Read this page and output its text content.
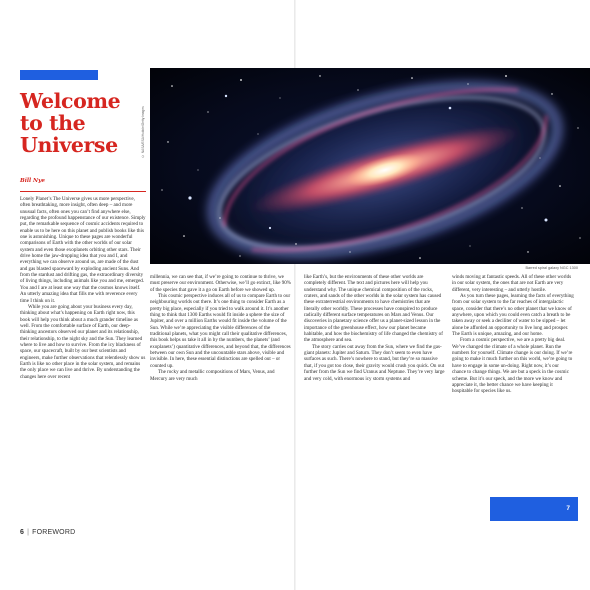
Welcome to the Universe

Bill Nye

Lonely Planet’s The Universe gives us more perspective, often breathtaking, more insight, often deep – and more unusual facts, often ones you can’t find anywhere else, regarding the profound happenstance of our existence. Simply put, the remarkable sequence of cosmic accidents required to enable us to be here on this planet and publish books like this one is astonishing. Unique to these pages are wonderful comparisons of Earth with the other worlds of our solar system and even those exoplanets orbiting other stars. Their drive home the jaw-dropping idea that you and I, and everything we can observe around us, are made of the dust and gas blasted spaceward by exploding ancient Suns. And from the stardust and drifting gas, the extraordinary diversity of living things, including animals like you and me, emerged. You and I are at least one way that the cosmos knows itself. An utterly amazing idea that fills me with reverence every time I think on it.

While you are going about your business every day, thinking about what’s happening on Earth right now, this book will help you think about a much grander timeline as well. From the comfortable surface of Earth, our deep-thinking ancestors observed our planet and its relationship, their relationship, to the night sky and the Sun. They learned where to live and how to survive. From the icy blackness of space, our spacecraft, built by our best scientists and engineers, make further observations that relentlessly show us Earth is like no other place in the solar system, and remains the only place we can live and thrive. By understanding the changes here over recent

millennia, we can see that, if we’re going to continue to thrive, we must preserve our environment. Otherwise, we’ll go extinct, like 90% of the species that gave it a go on Earth before we showed up.

This cosmic perspective induces all of us to compare Earth to our neighbouring worlds out there. It’s one thing to consider Earth as a pretty big place, especially if you tried to walk around it. It’s another thing to think that 1300 Earths would fit inside a sphere the size of Jupiter, and over a million Earths would fit inside the volume of the Sun. While we’re appreciating the visible differences of the traditional planets, what you might call their qualitative differences, this book helps us take it all in by the numbers, the planets’ (and exoplanets’) quantitative differences, and beyond that, the differences between our own Sun and the uncountable stars above, visible and invisible. In here, these essential distinctions are spelled out – or counted up.

The rocky and metallic compositions of Mars, Venus, and Mercury are very much

6 | FOREWORD
© NASA/ESA/Hubble/Getty Images
Barred spiral galaxy NGC 1300

like Earth’s, but the environments of these other worlds are completely different. The text and pictures here will help you understand why. The unique chemical composition of the rocks, craters, and sands of the other worlds in the solar system has caused these extraterrestrial environments to have chemistries that are literally other worldly. These processes have conspired to produce radically different surface temperatures on Mars and Venus. Our discoveries in planetary science offer us a planet-sized lesson in the importance of the greenhouse effect, how our planet became habitable, and how the biochemistry of life changed the chemistry of the atmosphere and sea.

The story carries out away from the Sun, where we find the gas-giant planets: Jupiter and Saturn. They don’t seem to even have surfaces as such. There’s nowhere to stand, but they’re so massive that, if you got too close, their gravity would crush you quick. On out further from the Sun we find Uranus and Neptune. They’re very large and very cold, with enormous icy storm systems and

winds moving at fantastic speeds. All of these other worlds in our solar system, the ones that are not Earth are very different, very interesting – and utterly hostile.

As you turn these pages, learning the facts of everything from our solar system to the far reaches of intergalactic space, consider that there’s no other planet that we know of anywhere, upon which you could even catch a breath to be taken away or seek a deciliter of water to be sipped – let alone be afforded an opportunity to live long and prosper. The Earth is unique, amazing, and our home.

From a cosmic perspective, we are a pretty big deal. We’ve changed the climate of a whole planet. Run the numbers for yourself. Climate change is our doing. If we’re going to make it much further on this world, we’re going to have to engage in some un-doing. Right now, it’s our chance to change things. We are but a speck in the cosmic scheme. But it’s our speck, and the more we know and appreciate it, the better chance we have keeping it hospitable for species like us.

7
